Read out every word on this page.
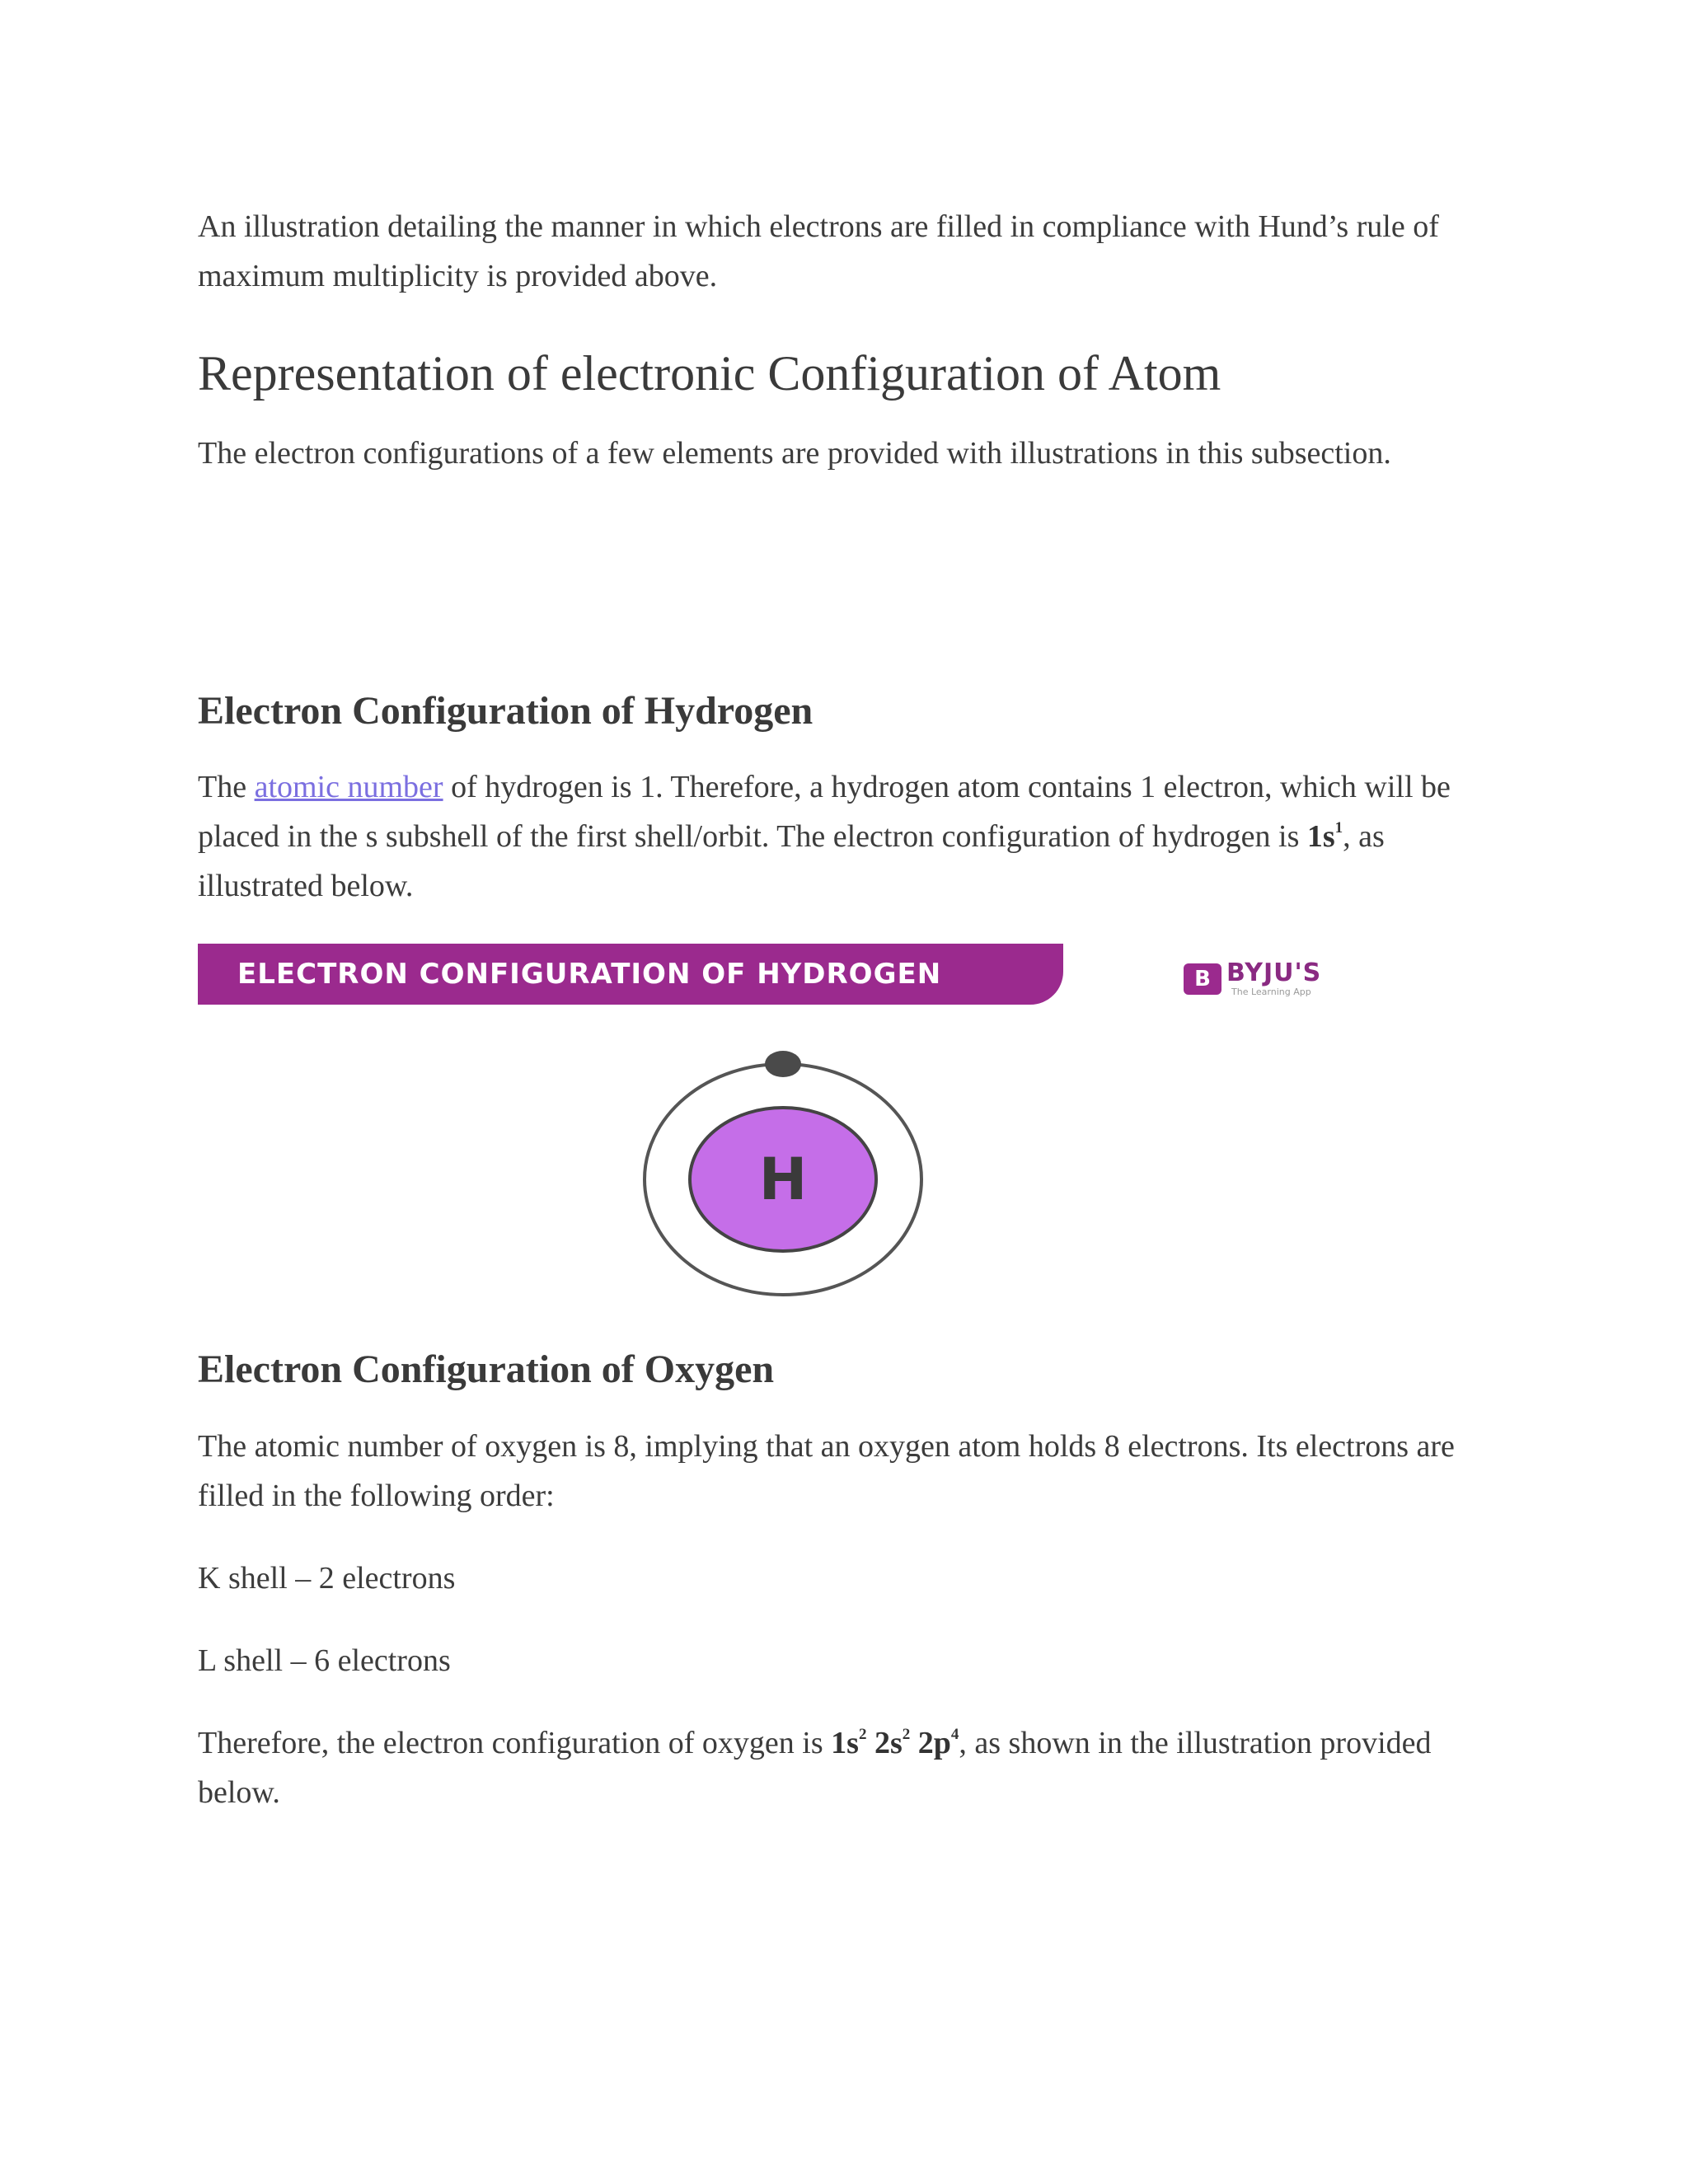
An illustration detailing the manner in which electrons are filled in compliance with Hund’s rule of maximum multiplicity is provided above.

Representation of electronic Configuration of Atom

The electron configurations of a few elements are provided with illustrations in this subsection.

Electron Configuration of Hydrogen

The atomic number of hydrogen is 1. Therefore, a hydrogen atom contains 1 electron, which will be placed in the s subshell of the first shell/orbit. The electron configuration of hydrogen is $1s^1$, as illustrated below.

ELECTRON CONFIGURATION OF HYDROGEN	B BYJU'S
The Learning App
H
Electron Configuration of Oxygen

The atomic number of oxygen is 8, implying that an oxygen atom holds 8 electrons. Its electrons are filled in the following order:

K shell – 2 electrons

L shell – 6 electrons

Therefore, the electron configuration of oxygen is $1s^2$ $2s^2$ $2p^4$, as shown in the illustration provided below.
